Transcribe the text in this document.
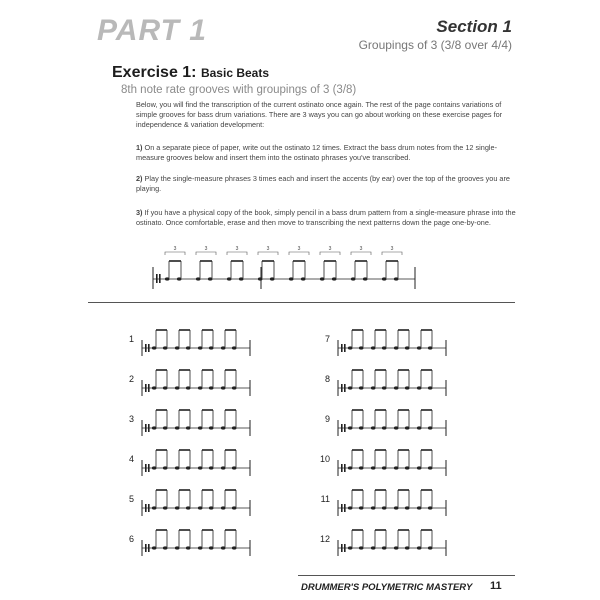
PART 1	Section 1
Groupings of 3 (3/8 over 4/4)
Exercise 1: Basic Beats
8th note rate grooves with groupings of 3 (3/8)
Below, you will find the transcription of the current ostinato once again. The rest of the page contains variations of simple grooves for bass drum variations. There are 3 ways you can go about working on these exercise pages for independence & variation development:
1) On a separate piece of paper, write out the ostinato 12 times. Extract the bass drum notes from the 12 single-measure grooves below and insert them into the ostinato phrases you've transcribed.
2) Play the single-measure phrases 3 times each and insert the accents (by ear) over the top of the grooves you are playing.
3) If you have a physical copy of the book, simply pencil in a bass drum pattern from a single-measure phrase into the ostinato. Once comfortable, erase and then move to transcribing the next patterns down the page one-by-one.
3	3	3	3	3	3	3	3
1
2
3
4
5
6
7
8
9
10
11
12
DRUMMER'S POLYMETRIC MASTERY 11
